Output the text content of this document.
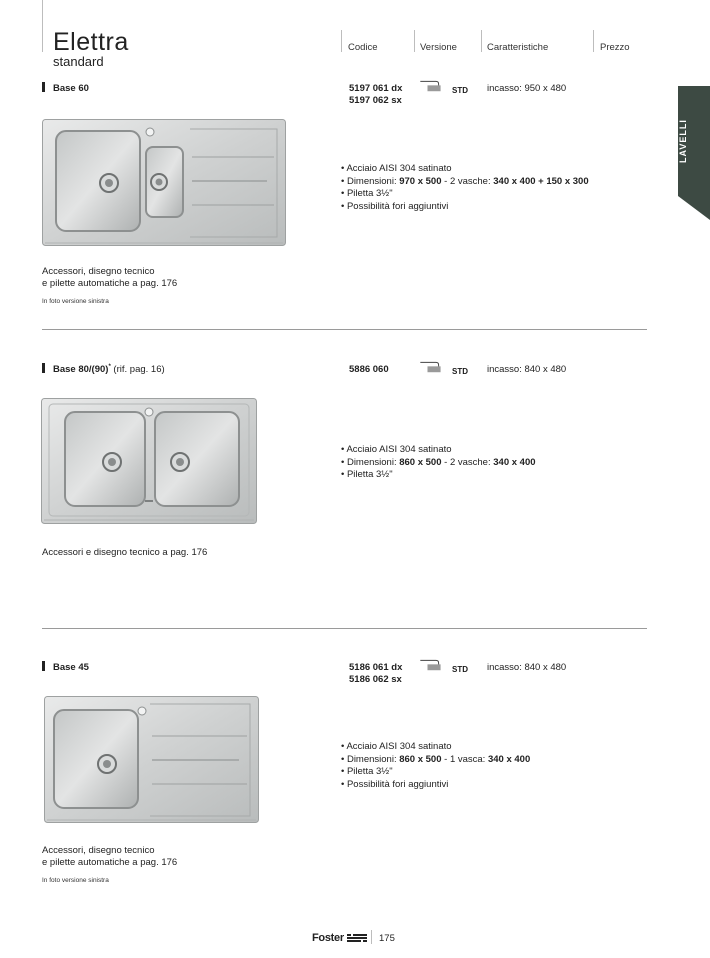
Elettra
standard
Codice	Versione	Caratteristiche	Prezzo
LAVELLI
Base 60	5197 061 dx
5197 062 sx
STD incasso: 950 x 480
• Acciaio AISI 304 satinato
• Dimensioni: 970 x 500 - 2 vasche: 340 x 400 + 150 x 300
• Piletta 3½"
• Possibilità fori aggiuntivi
Accessori, disegno tecnico
e pilette automatiche a pag. 176
In foto versione sinistra
Base 80/(90)* (rif. pag. 16)	5886 060	STD incasso: 840 x 480
• Acciaio AISI 304 satinato
• Dimensioni: 860 x 500 - 2 vasche: 340 x 400
• Piletta 3½"
Accessori e disegno tecnico a pag. 176
Base 45	5186 061 dx
5186 062 sx
STD incasso: 840 x 480
• Acciaio AISI 304 satinato
• Dimensioni: 860 x 500 - 1 vasca: 340 x 400
• Piletta 3½"
• Possibilità fori aggiuntivi
Accessori, disegno tecnico
e pilette automatiche a pag. 176
In foto versione sinistra
Foster	175
